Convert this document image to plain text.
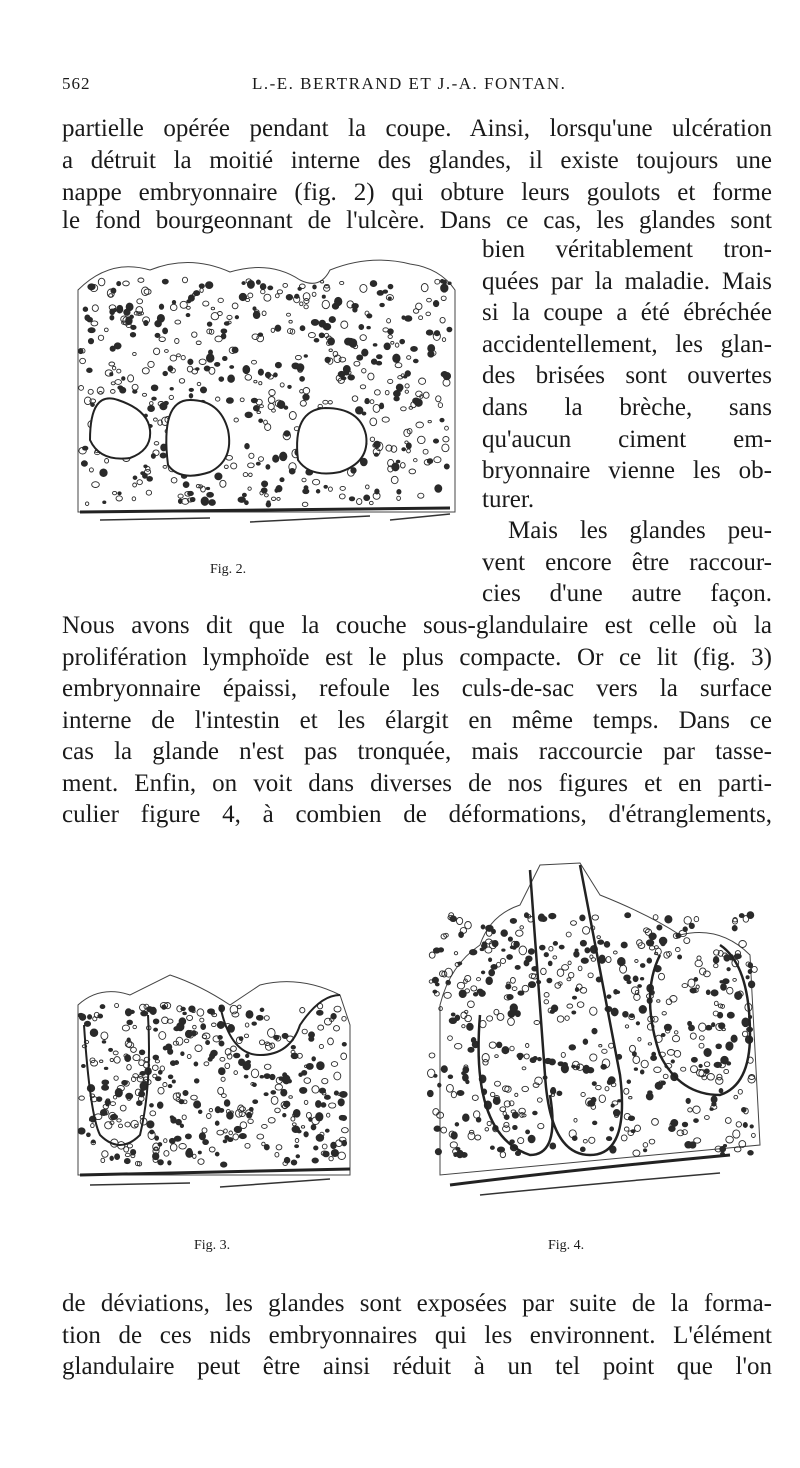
562	L.-E. BERTRAND ET J.-A. FONTAN.
partielle opérée pendant la coupe. Ainsi, lorsqu'une ulcération
a détruit la moitié interne des glandes, il existe toujours une
nappe embryonnaire (fig. 2) qui obture leurs goulots et forme
le fond bourgeonnant de l'ulcère. Dans ce cas, les glandes sont
bien véritablement tron-
quées par la maladie. Mais
si la coupe a été ébréchée
accidentellement, les glan-
des brisées sont ouvertes
dans la brèche, sans
qu'aucun ciment em-
bryonnaire vienne les ob-
turer.
Mais les glandes peu-
vent encore être raccour-
cies d'une autre façon.
Nous avons dit que la couche sous-glandulaire est celle où la
prolifération lymphoïde est le plus compacte. Or ce lit (fig. 3)
embryonnaire épaissi, refoule les culs-de-sac vers la surface
interne de l'intestin et les élargit en même temps. Dans ce
cas la glande n'est pas tronquée, mais raccourcie par tasse-
ment. Enfin, on voit dans diverses de nos figures et en parti-
culier figure 4, à combien de déformations, d'étranglements,
Fig. 2.
Fig. 3.	Fig. 4.
de déviations, les glandes sont exposées par suite de la forma-
tion de ces nids embryonnaires qui les environnent. L'élément
glandulaire peut être ainsi réduit à un tel point que l'on
